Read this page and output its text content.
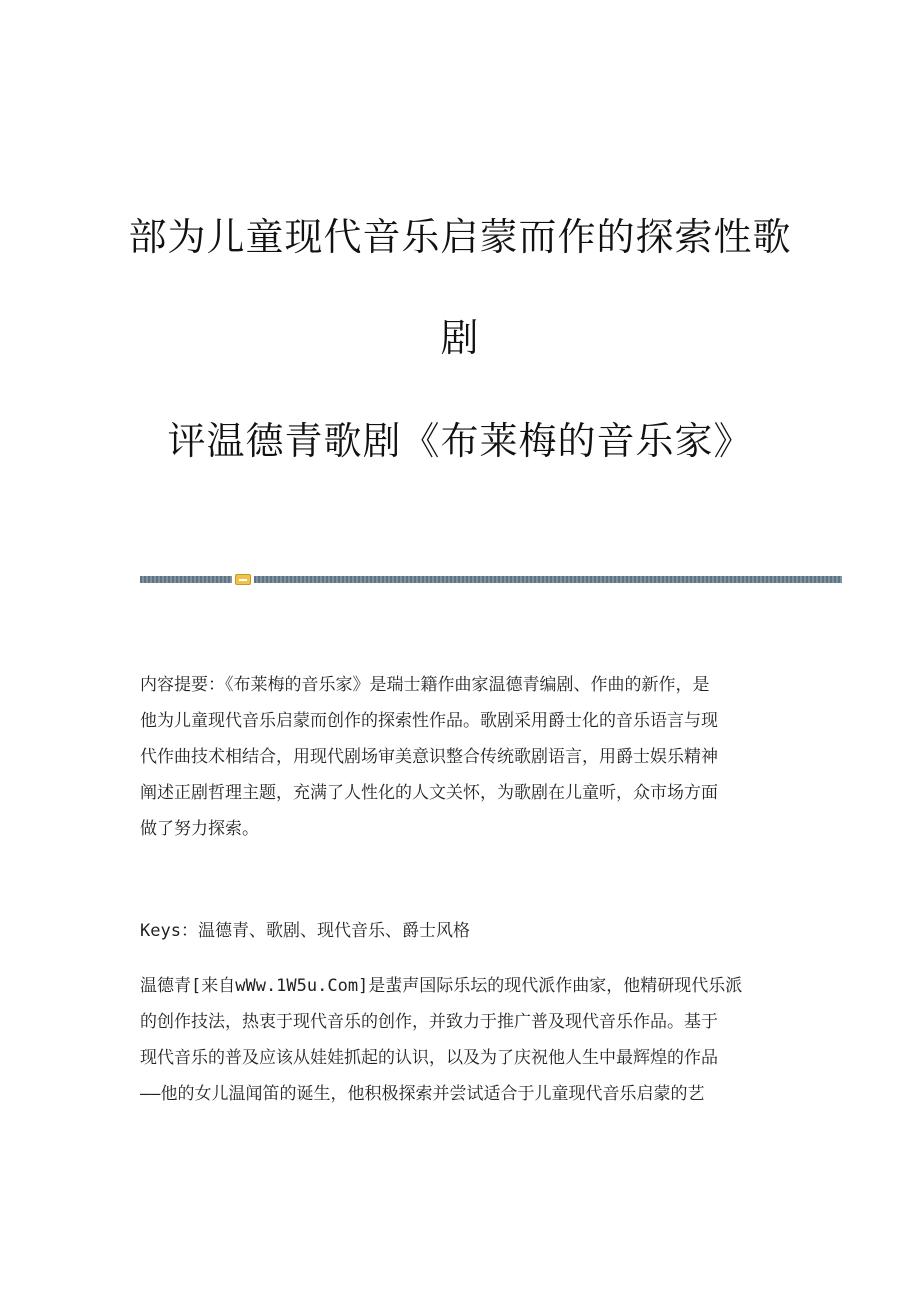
部为儿童现代音乐启蒙而作的探索性歌
剧
评温德青歌剧《布莱梅的音乐家》

内容提要：《布莱梅的音乐家》是瑞士籍作曲家温德青编剧、作曲的新作，是

他为儿童现代音乐启蒙而创作的探索性作品。歌剧采用爵士化的音乐语言与现

代作曲技术相结合，用现代剧场审美意识整合传统歌剧语言，用爵士娱乐精神

阐述正剧哲理主题，充满了人性化的人文关怀，为歌剧在儿童听，众市场方面

做了努力探索。

Keys：温德青、歌剧、现代音乐、爵士风格

温德青[来自wWw.1W5u.Com]是蜚声国际乐坛的现代派作曲家，他精研现代乐派

的创作技法，热衷于现代音乐的创作，并致力于推广普及现代音乐作品。基于

现代音乐的普及应该从娃娃抓起的认识，以及为了庆祝他人生中最辉煌的作品

——他的女儿温闻笛的诞生，他积极探索并尝试适合于儿童现代音乐启蒙的艺
